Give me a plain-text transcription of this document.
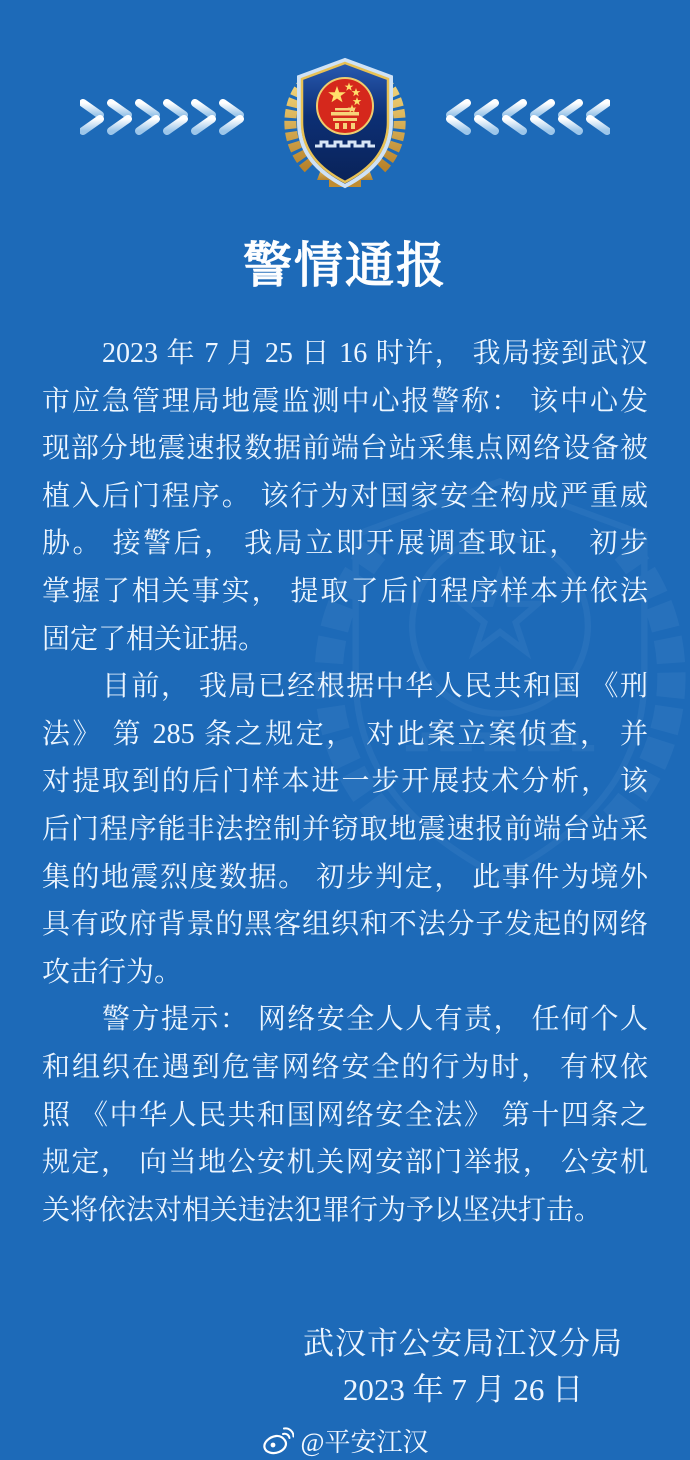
警情通报
2023 年 7 月 25 日 16 时许， 我局接到武汉
市应急管理局地震监测中心报警称： 该中心发
现部分地震速报数据前端台站采集点网络设备被
植入后门程序。 该行为对国家安全构成严重威
胁。 接警后， 我局立即开展调查取证， 初步
掌握了相关事实， 提取了后门程序样本并依法
固定了相关证据。
目前， 我局已经根据中华人民共和国 《刑
法》 第 285 条之规定， 对此案立案侦查， 并
对提取到的后门样本进一步开展技术分析， 该
后门程序能非法控制并窃取地震速报前端台站采
集的地震烈度数据。 初步判定， 此事件为境外
具有政府背景的黑客组织和不法分子发起的网络
攻击行为。
警方提示： 网络安全人人有责， 任何个人
和组织在遇到危害网络安全的行为时， 有权依
照 《中华人民共和国网络安全法》 第十四条之
规定， 向当地公安机关网安部门举报， 公安机
关将依法对相关违法犯罪行为予以坚决打击。
武汉市公安局江汉分局
2023 年 7 月 26 日
@平安江汉
